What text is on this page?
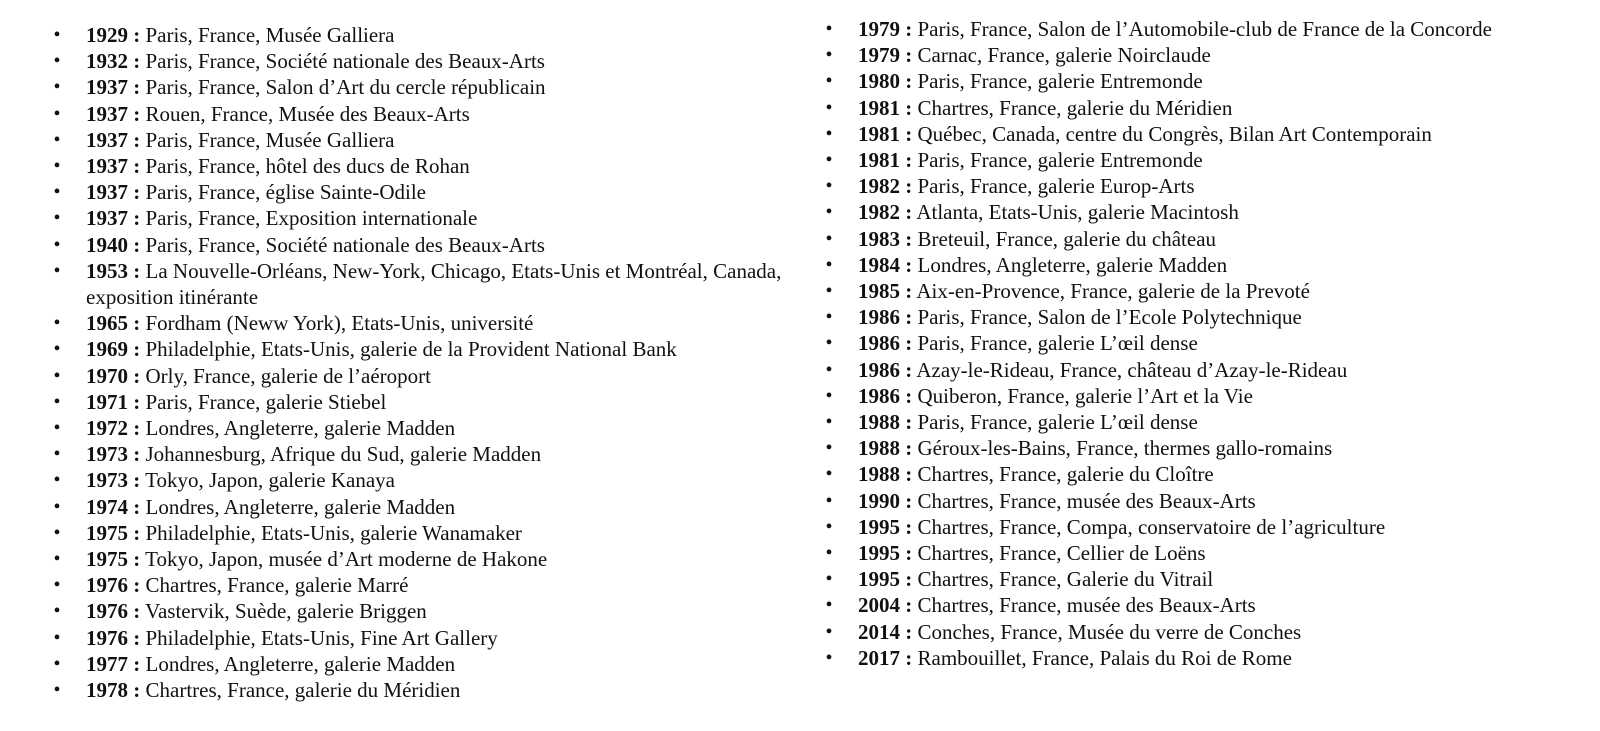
• 1929 : Paris, France, Musée Galliera
• 1932 : Paris, France, Société nationale des Beaux-Arts
• 1937 : Paris, France, Salon d’Art du cercle républicain
• 1937 : Rouen, France, Musée des Beaux-Arts
• 1937 : Paris, France, Musée Galliera
• 1937 : Paris, France, hôtel des ducs de Rohan
• 1937 : Paris, France, église Sainte-Odile
• 1937 : Paris, France, Exposition internationale
• 1940 : Paris, France, Société nationale des Beaux-Arts
• 1953 : La Nouvelle-Orléans, New-York, Chicago, Etats-Unis et Montréal, Canada, exposition itinérante
• 1965 : Fordham (Neww York), Etats-Unis, université
• 1969 : Philadelphie, Etats-Unis, galerie de la Provident National Bank
• 1970 : Orly, France, galerie de l’aéroport
• 1971 : Paris, France, galerie Stiebel
• 1972 : Londres, Angleterre, galerie Madden
• 1973 : Johannesburg, Afrique du Sud, galerie Madden
• 1973 : Tokyo, Japon, galerie Kanaya
• 1974 : Londres, Angleterre, galerie Madden
• 1975 : Philadelphie, Etats-Unis, galerie Wanamaker
• 1975 : Tokyo, Japon, musée d’Art moderne de Hakone
• 1976 : Chartres, France, galerie Marré
• 1976 : Vastervik, Suède, galerie Briggen
• 1976 : Philadelphie, Etats-Unis, Fine Art Gallery
• 1977 : Londres, Angleterre, galerie Madden
• 1978 : Chartres, France, galerie du Méridien
• 1979 : Paris, France, Salon de l’Automobile-club de France de la Concorde
• 1979 : Carnac, France, galerie Noirclaude
• 1980 : Paris, France, galerie Entremonde
• 1981 : Chartres, France, galerie du Méridien
• 1981 : Québec, Canada, centre du Congrès, Bilan Art Contemporain
• 1981 : Paris, France, galerie Entremonde
• 1982 : Paris, France, galerie Europ-Arts
• 1982 : Atlanta, Etats-Unis, galerie Macintosh
• 1983 : Breteuil, France, galerie du château
• 1984 : Londres, Angleterre, galerie Madden
• 1985 : Aix-en-Provence, France, galerie de la Prevoté
• 1986 : Paris, France, Salon de l’Ecole Polytechnique
• 1986 : Paris, France, galerie L’œil dense
• 1986 : Azay-le-Rideau, France, château d’Azay-le-Rideau
• 1986 : Quiberon, France, galerie l’Art et la Vie
• 1988 : Paris, France, galerie L’œil dense
• 1988 : Géroux-les-Bains, France, thermes gallo-romains
• 1988 : Chartres, France, galerie du Cloître
• 1990 : Chartres, France, musée des Beaux-Arts
• 1995 : Chartres, France, Compa, conservatoire de l’agriculture
• 1995 : Chartres, France, Cellier de Loëns
• 1995 : Chartres, France, Galerie du Vitrail
• 2004 : Chartres, France, musée des Beaux-Arts
• 2014 : Conches, France, Musée du verre de Conches
• 2017 : Rambouillet, France, Palais du Roi de Rome
